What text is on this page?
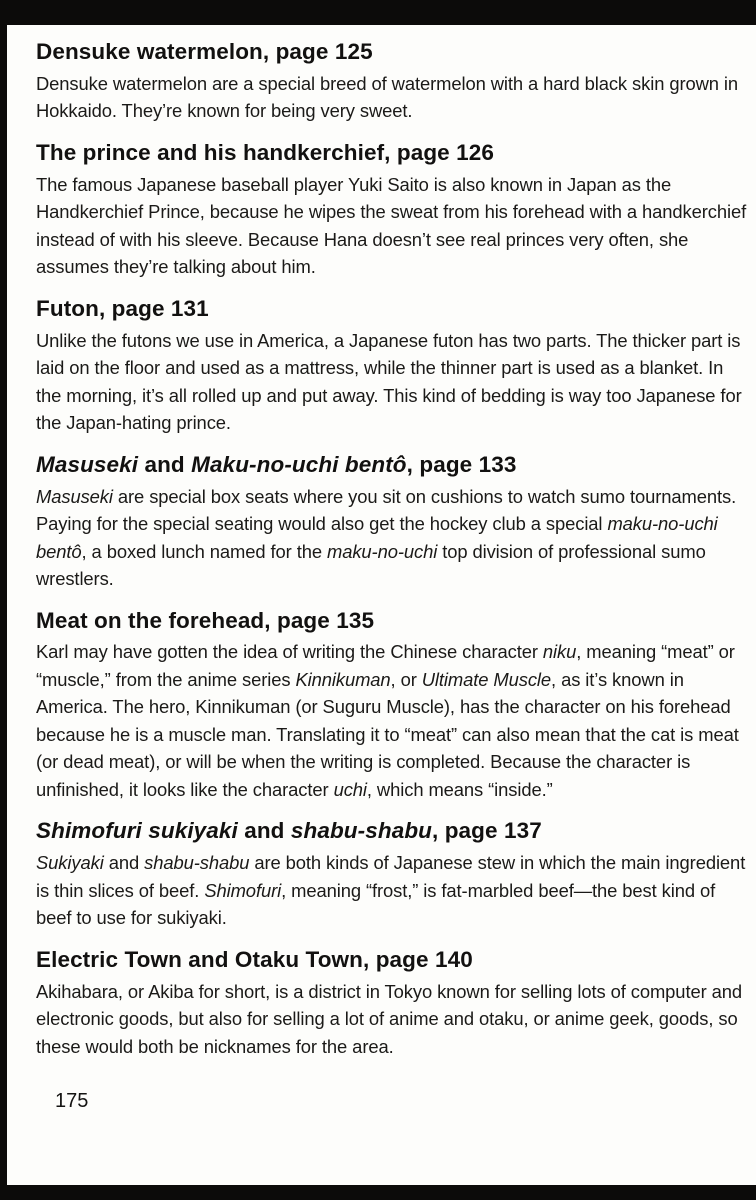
Densuke watermelon, page 125

Densuke watermelon are a special breed of watermelon with a hard black skin grown in Hokkaido. They’re known for being very sweet.

The prince and his handkerchief, page 126

The famous Japanese baseball player Yuki Saito is also known in Japan as the Handkerchief Prince, because he wipes the sweat from his forehead with a handkerchief instead of with his sleeve. Because Hana doesn’t see real princes very often, she assumes they’re talking about him.

Futon, page 131

Unlike the futons we use in America, a Japanese futon has two parts. The thicker part is laid on the floor and used as a mattress, while the thinner part is used as a blanket. In the morning, it’s all rolled up and put away. This kind of bedding is way too Japanese for the Japan-hating prince.

Masuseki and Maku-no-uchi bentô, page 133

Masuseki are special box seats where you sit on cushions to watch sumo tournaments. Paying for the special seating would also get the hockey club a special maku-no-uchi bentô, a boxed lunch named for the maku-no-uchi top division of professional sumo wrestlers.

Meat on the forehead, page 135

Karl may have gotten the idea of writing the Chinese character niku, meaning “meat” or “muscle,” from the anime series Kinnikuman, or Ultimate Muscle, as it’s known in America. The hero, Kinnikuman (or Suguru Muscle), has the character on his forehead because he is a muscle man. Translating it to “meat” can also mean that the cat is meat (or dead meat), or will be when the writing is completed. Because the character is unfinished, it looks like the character uchi, which means “inside.”

Shimofuri sukiyaki and shabu-shabu, page 137

Sukiyaki and shabu-shabu are both kinds of Japanese stew in which the main ingredient is thin slices of beef. Shimofuri, meaning “frost,” is fat-marbled beef—the best kind of beef to use for sukiyaki.

Electric Town and Otaku Town, page 140

Akihabara, or Akiba for short, is a district in Tokyo known for selling lots of computer and electronic goods, but also for selling a lot of anime and otaku, or anime geek, goods, so these would both be nicknames for the area.

175
